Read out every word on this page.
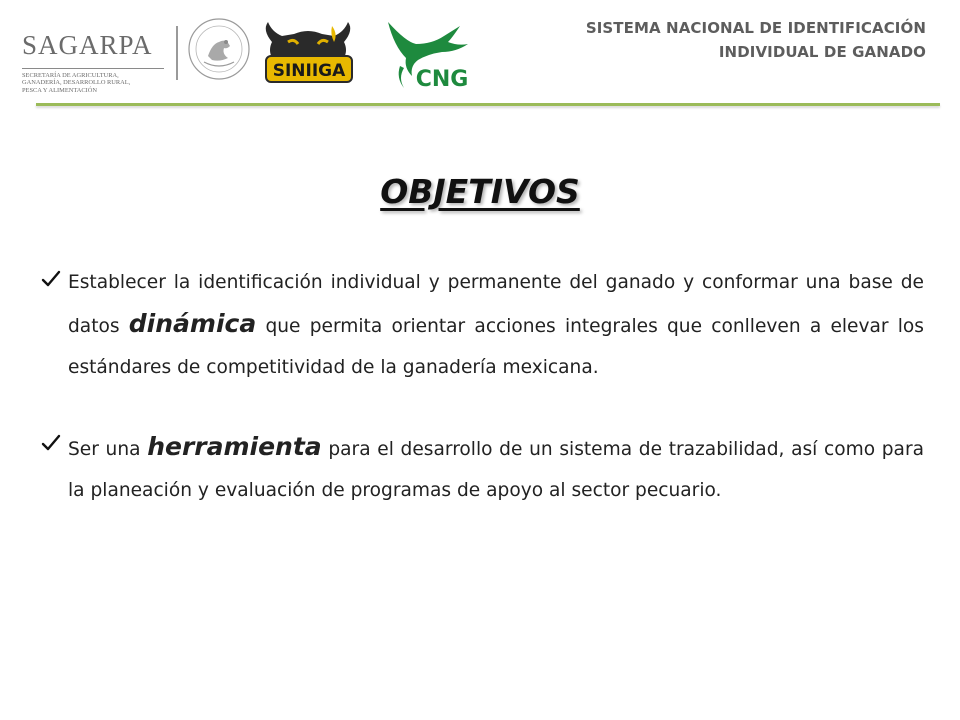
SAGARPA
SECRETARÍA DE AGRICULTURA,
GANADERÍA, DESARROLLO RURAL,
PESCA Y ALIMENTACIÓN
SINIIGA	CNG
SISTEMA NACIONAL DE IDENTIFICACIÓN
INDIVIDUAL DE GANADO
OBJETIVOS
Establecer la identificación individual y permanente del ganado y conformar una base de datos dinámica que permita orientar acciones integrales que conlleven a elevar los estándares de competitividad de la ganadería mexicana.
Ser una herramienta para el desarrollo de un sistema de trazabilidad, así como para la planeación y evaluación de programas de apoyo al sector pecuario.
